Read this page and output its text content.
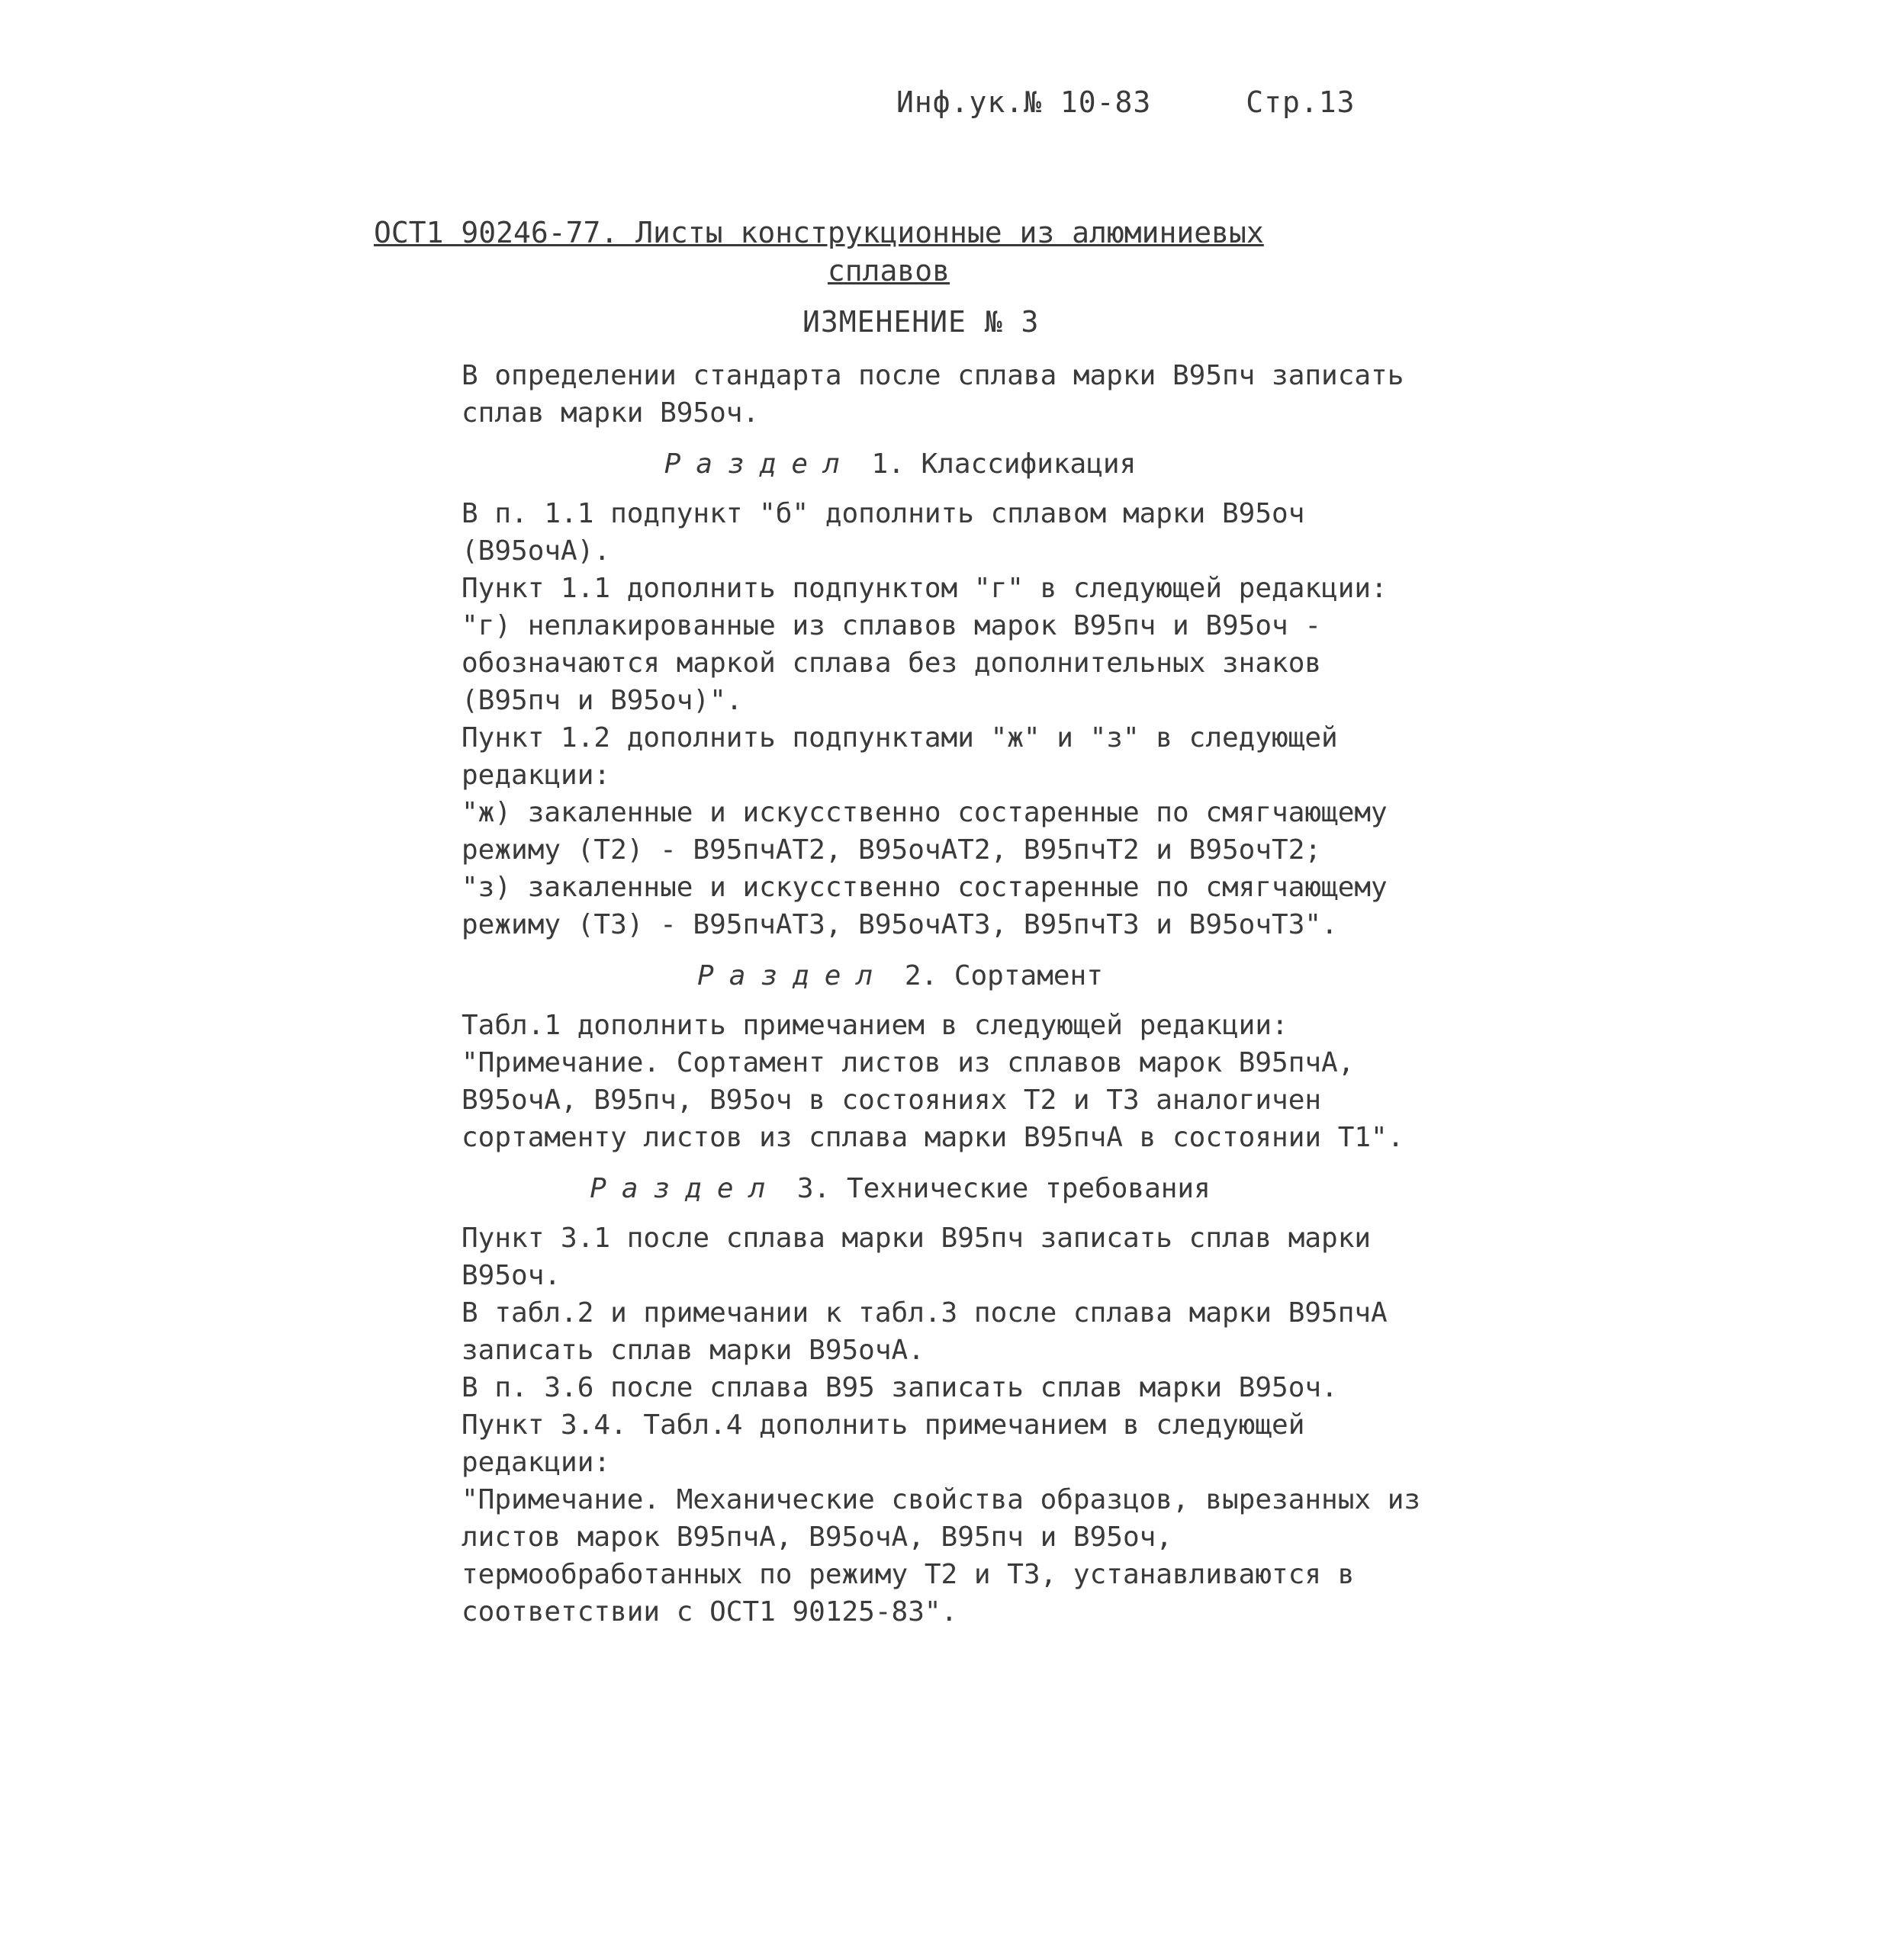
Инф.ук.№ 10-83	Стр.13
ОСТ1 90246-77. Листы конструкционные из алюминиевых
сплавов
ИЗМЕНЕНИЕ № 3

В определении стандарта после сплава марки В95пч записать сплав марки В95оч.

Раздел 1. Классификация

В п. 1.1 подпункт "б" дополнить сплавом марки В95оч (В95очА).

Пункт 1.1 дополнить подпунктом "г" в следующей редакции:

"г) неплакированные из сплавов марок В95пч и В95оч - обозначаются маркой сплава без дополнительных знаков (В95пч и В95оч)".

Пункт 1.2 дополнить подпунктами "ж" и "з" в следующей редакции:

"ж) закаленные и искусственно состаренные по смягчающему режиму (Т2) - В95пчАТ2, В95очАТ2, В95пчТ2 и В95очТ2;

"з) закаленные и искусственно состаренные по смягчающему режиму (Т3) - В95пчАТ3, В95очАТ3, В95пчТ3 и В95очТ3".

Раздел 2. Сортамент

Табл.1 дополнить примечанием в следующей редакции:

"Примечание. Сортамент листов из сплавов марок В95пчА, В95очА, В95пч, В95оч в состояниях Т2 и Т3 аналогичен сортаменту листов из сплава марки В95пчА в состоянии Т1".

Раздел 3. Технические требования

Пункт 3.1 после сплава марки В95пч записать сплав марки В95оч.

В табл.2 и примечании к табл.3 после сплава марки В95пчА записать сплав марки В95очА.

В п. 3.6 после сплава В95 записать сплав марки В95оч.

Пункт 3.4. Табл.4 дополнить примечанием в следующей редакции:

"Примечание. Механические свойства образцов, вырезанных из листов марок В95пчА, В95очА, В95пч и В95оч, термообработанных по режиму Т2 и Т3, устанавливаются в соответствии с ОСТ1 90125-83".
